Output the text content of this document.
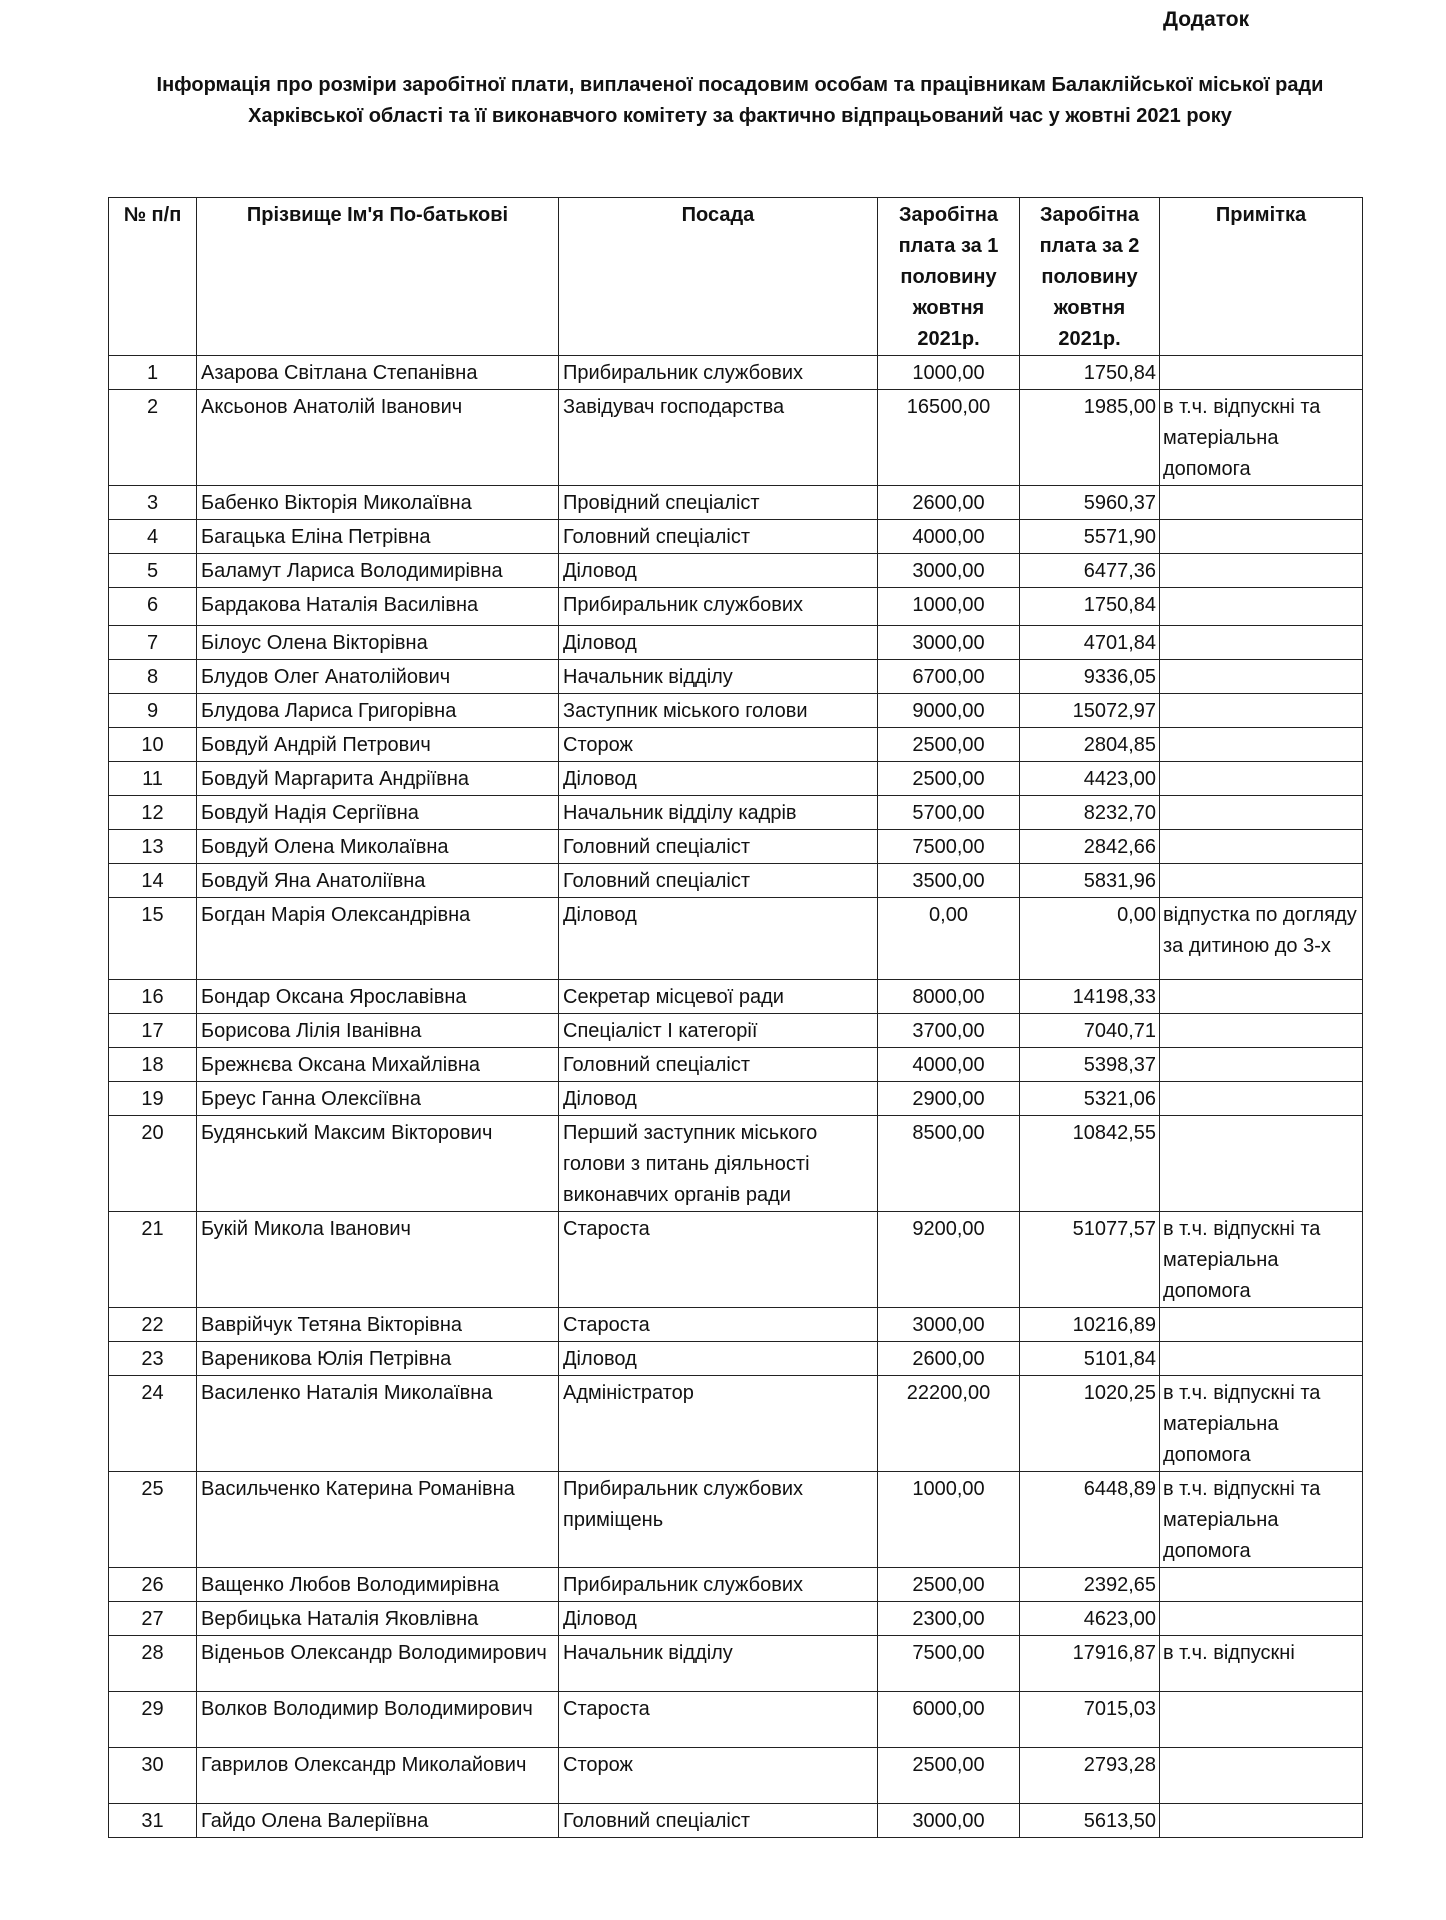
Додаток
Інформація про розміри заробітної плати, виплаченої посадовим особам та працівникам Балаклійської міської ради Харківської області та її виконавчого комітету за фактично відпрацьований час у жовтні 2021 року
№ п/п	Прізвище Ім'я По-батькові	Посада	Заробітна плата за 1 половину жовтня 2021р.	Заробітна плата за 2 половину жовтня 2021р.	Примітка
1	Азарова Світлана Степанівна	Прибиральник службових	1000,00	1750,84	
2	Аксьонов Анатолій Іванович	Завідувач господарства	16500,00	1985,00	в т.ч. відпускні та матеріальна допомога
3	Бабенко Вікторія Миколаївна	Провідний спеціаліст	2600,00	5960,37	
4	Багацька Еліна Петрівна	Головний спеціаліст	4000,00	5571,90	
5	Баламут Лариса Володимирівна	Діловод	3000,00	6477,36	
6	Бардакова Наталія Василівна	Прибиральник службових	1000,00	1750,84	
7	Білоус Олена Вікторівна	Діловод	3000,00	4701,84	
8	Блудов Олег Анатолійович	Начальник відділу	6700,00	9336,05	
9	Блудова Лариса Григорівна	Заступник міського голови	9000,00	15072,97	
10	Бовдуй Андрій Петрович	Сторож	2500,00	2804,85	
11	Бовдуй Маргарита Андріївна	Діловод	2500,00	4423,00	
12	Бовдуй Надія Сергіївна	Начальник відділу кадрів	5700,00	8232,70	
13	Бовдуй Олена Миколаївна	Головний спеціаліст	7500,00	2842,66	
14	Бовдуй Яна Анатоліївна	Головний спеціаліст	3500,00	5831,96	
15	Богдан Марія Олександрівна	Діловод	0,00	0,00	відпустка по догляду за дитиною до 3-х
16	Бондар Оксана Ярославівна	Секретар місцевої ради	8000,00	14198,33	
17	Борисова Лілія Іванівна	Спеціаліст І категорії	3700,00	7040,71	
18	Брежнєва Оксана Михайлівна	Головний спеціаліст	4000,00	5398,37	
19	Бреус Ганна Олексіївна	Діловод	2900,00	5321,06	
20	Будянський Максим Вікторович	Перший заступник міського голови з питань діяльності виконавчих органів ради	8500,00	10842,55	
21	Букій Микола Іванович	Староста	9200,00	51077,57	в т.ч. відпускні та матеріальна допомога
22	Ваврійчук Тетяна Вікторівна	Староста	3000,00	10216,89	
23	Вареникова Юлія Петрівна	Діловод	2600,00	5101,84	
24	Василенко Наталія Миколаївна	Адміністратор	22200,00	1020,25	в т.ч. відпускні та матеріальна допомога
25	Васильченко Катерина Романівна	Прибиральник службових приміщень	1000,00	6448,89	в т.ч. відпускні та матеріальна допомога
26	Ващенко Любов Володимирівна	Прибиральник службових	2500,00	2392,65	
27	Вербицька Наталія Яковлівна	Діловод	2300,00	4623,00	
28	Віденьов Олександр Володимирович	Начальник відділу	7500,00	17916,87	в т.ч. відпускні
29	Волков Володимир Володимирович	Староста	6000,00	7015,03	
30	Гаврилов Олександр Миколайович	Сторож	2500,00	2793,28	
31	Гайдо Олена Валеріївна	Головний спеціаліст	3000,00	5613,50	
